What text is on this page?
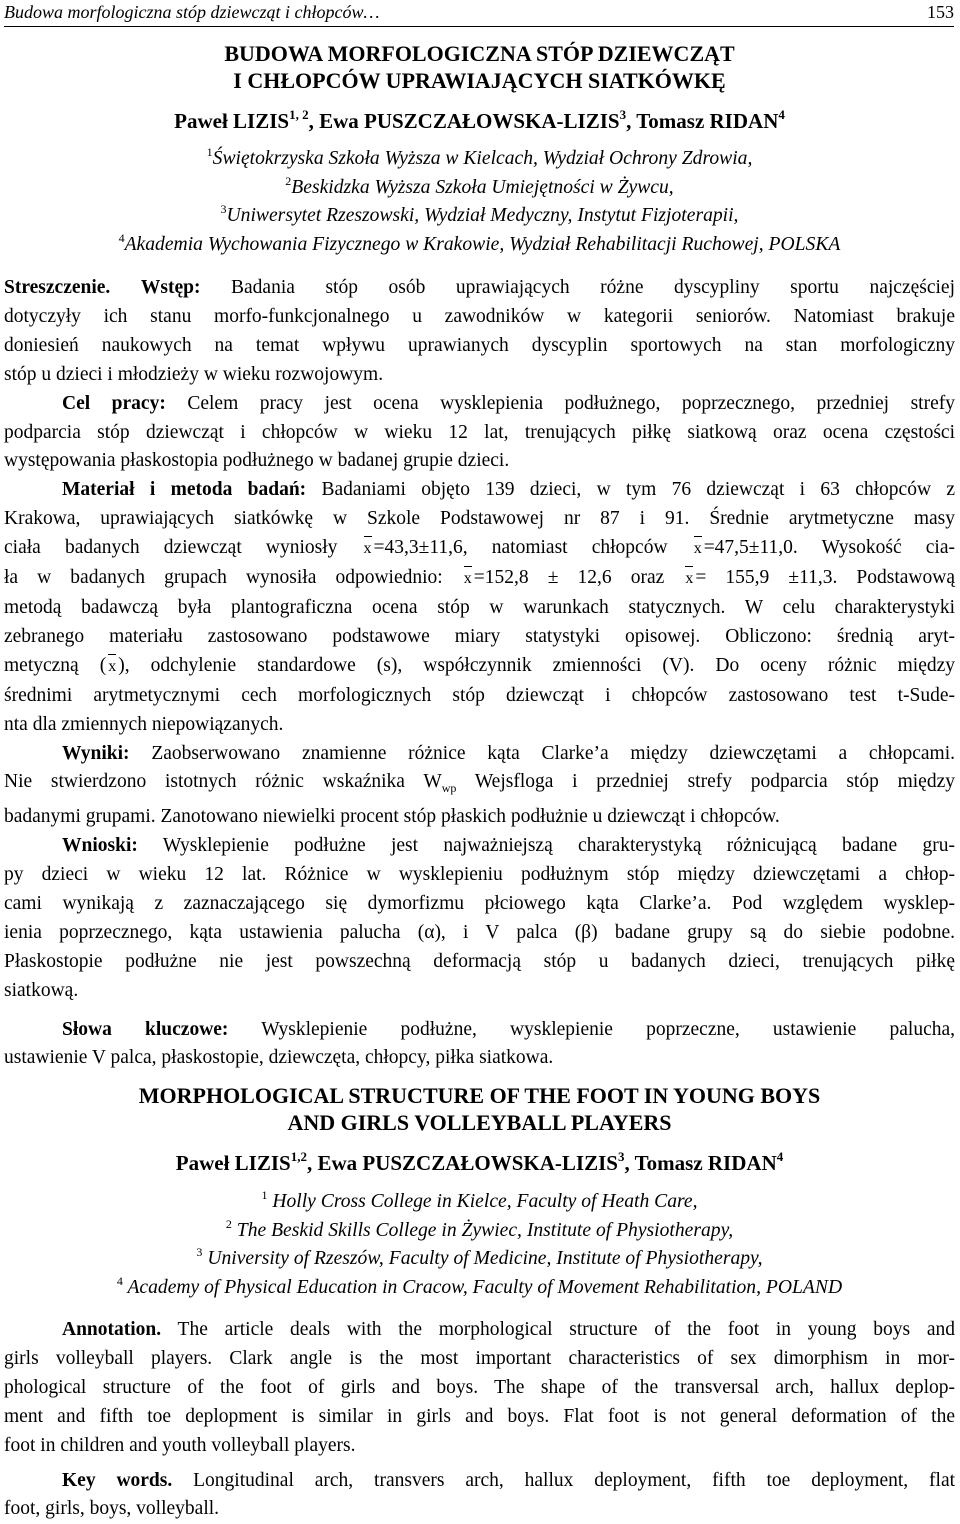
Budowa morfologiczna stóp dziewcząt i chłopców…	153
BUDOWA MORFOLOGICZNA STÓP DZIEWCZĄT
I CHŁOPCÓW UPRAWIAJĄCYCH SIATKÓWKĘ
Paweł LIZIS$^{1, 2}$, Ewa PUSZCZAŁOWSKA-LIZIS$^3$, Tomasz RIDAN$^4$
$^1$Świętokrzyska Szkoła Wyższa w Kielcach, Wydział Ochrony Zdrowia,
$^2$Beskidzka Wyższa Szkoła Umiejętności w Żywcu,
$^3$Uniwersytet Rzeszowski, Wydział Medyczny, Instytut Fizjoterapii,
$^4$Akademia Wychowania Fizycznego w Krakowie, Wydział Rehabilitacji Ruchowej, POLSKA

Streszczenie. Wstęp: Badania stóp osób uprawiających różne dyscypliny sportu najczęściej
dotyczyły ich stanu morfo-funkcjonalnego u zawodników w kategorii seniorów. Natomiast brakuje
doniesień naukowych na temat wpływu uprawianych dyscyplin sportowych na stan morfologiczny
stóp u dzieci i młodzieży w wieku rozwojowym.

Cel pracy: Celem pracy jest ocena wysklepienia podłużnego, poprzecznego, przedniej strefy
podparcia stóp dziewcząt i chłopców w wieku 12 lat, trenujących piłkę siatkową oraz ocena częstości
występowania płaskostopia podłużnego w badanej grupie dzieci.

Materiał i metoda badań: Badaniami objęto 139 dzieci, w tym 76 dziewcząt i 63 chłopców z
Krakowa, uprawiających siatkówkę w Szkole Podstawowej nr 87 i 91. Średnie arytmetyczne masy
ciała badanych dziewcząt wyniosły x =43,3±11,6, natomiast chłopców x =47,5±11,0. Wysokość cia-
ła w badanych grupach wynosiła odpowiednio: x =152,8 ± 12,6 oraz x = 155,9 ±11,3. Podstawową
metodą badawczą była plantograficzna ocena stóp w warunkach statycznych. W celu charakterystyki
zebranego materiału zastosowano podstawowe miary statystyki opisowej. Obliczono: średnią aryt-
metyczną ( x ), odchylenie standardowe (s), współczynnik zmienności (V). Do oceny różnic między
średnimi arytmetycznymi cech morfologicznych stóp dziewcząt i chłopców zastosowano test t-Sude-
nta dla zmiennych niepowiązanych.

Wyniki: Zaobserwowano znamienne różnice kąta Clarke’a między dziewczętami a chłopcami.
Nie stwierdzono istotnych różnic wskaźnika $W_{wp}$ Wejsfloga i przedniej strefy podparcia stóp między
badanymi grupami. Zanotowano niewielki procent stóp płaskich podłużnie u dziewcząt i chłopców.

Wnioski: Wysklepienie podłużne jest najważniejszą charakterystyką różnicującą badane gru-
py dzieci w wieku 12 lat. Różnice w wysklepieniu podłużnym stóp między dziewczętami a chłop-
cami wynikają z zaznaczającego się dymorfizmu płciowego kąta Clarke’a. Pod względem wysklep-
ienia poprzecznego, kąta ustawienia palucha (α), i V palca (β) badane grupy są do siebie podobne.
Płaskostopie podłużne nie jest powszechną deformacją stóp u badanych dzieci, trenujących piłkę
siatkową.

Słowa kluczowe: Wysklepienie podłużne, wysklepienie poprzeczne, ustawienie palucha,
ustawienie V palca, płaskostopie, dziewczęta, chłopcy, piłka siatkowa.

MORPHOLOGICAL STRUCTURE OF THE FOOT IN YOUNG BOYS
AND GIRLS VOLLEYBALL PLAYERS
Paweł LIZIS$^{1,2}$, Ewa PUSZCZAŁOWSKA-LIZIS$^3$, Tomasz RIDAN$^4$
$^1$ Holly Cross College in Kielce, Faculty of Heath Care,
$^2$ The Beskid Skills College in Żywiec, Institute of Physiotherapy,
$^3$ University of Rzeszów, Faculty of Medicine, Institute of Physiotherapy,
$^4$ Academy of Physical Education in Cracow, Faculty of Movement Rehabilitation, POLAND

Annotation. The article deals with the morphological structure of the foot in young boys and
girls volleyball players. Clark angle is the most important characteristics of sex dimorphism in mor-
phological structure of the foot of girls and boys. The shape of the transversal arch, hallux deplop-
ment and fifth toe deplopment is similar in girls and boys. Flat foot is not general deformation of the
foot in children and youth volleyball players.

Key words. Longitudinal arch, transvers arch, hallux deployment, fifth toe deployment, flat
foot, girls, boys, volleyball.
